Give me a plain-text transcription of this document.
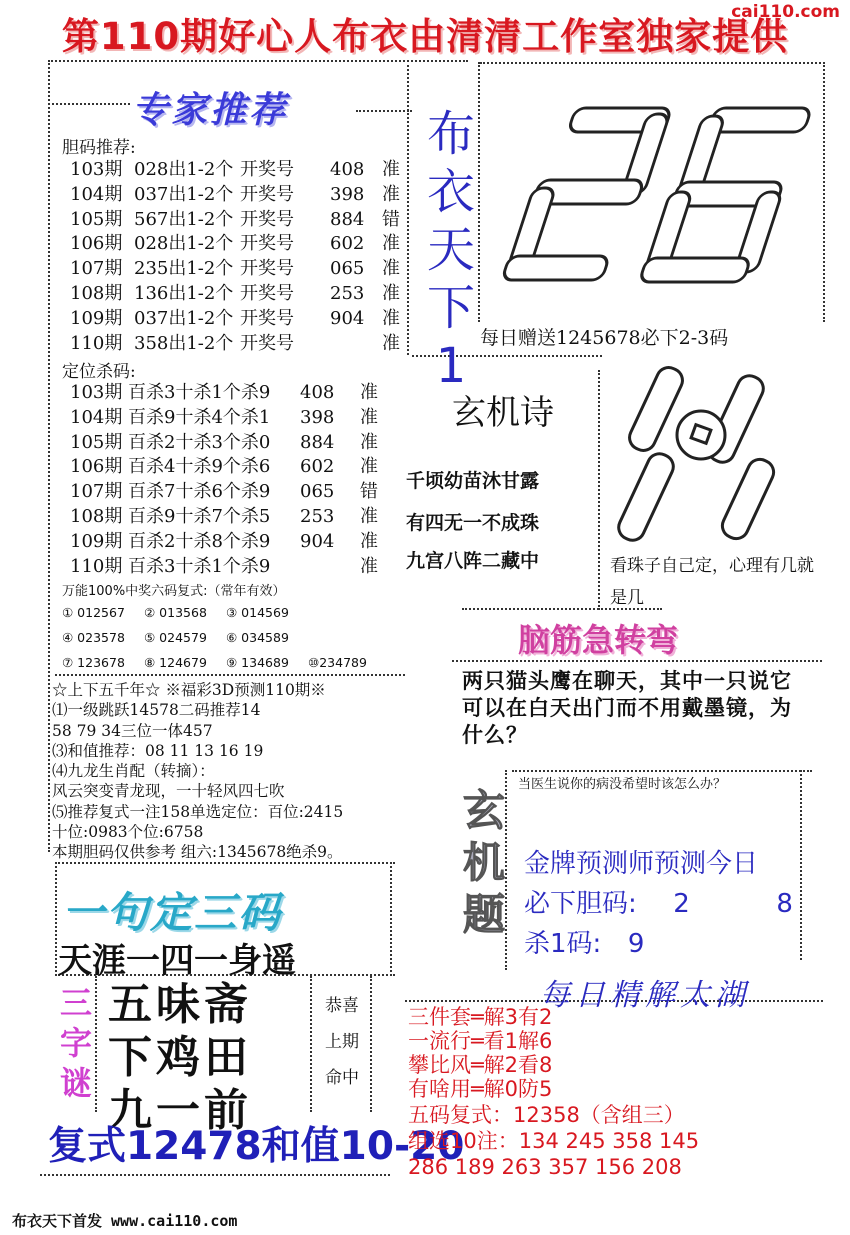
第110期好心人布衣由清清工作室独家提供
cai110.com
专家推荐
胆码推荐:
103期 028出1-2个 开奖号	408 准
104期 037出1-2个 开奖号	398 准
105期 567出1-2个 开奖号	884 错
106期 028出1-2个 开奖号	602 准
107期 235出1-2个 开奖号	065 准
108期 136出1-2个 开奖号	253 准
109期 037出1-2个 开奖号	904 准
110期 358出1-2个 开奖号	准
定位杀码:
103期 百杀3十杀1个杀9	408	准
104期 百杀9十杀4个杀1	398	准
105期 百杀2十杀3个杀0	884	准
106期 百杀4十杀9个杀6	602	准
107期 百杀7十杀6个杀9	065	错
108期 百杀9十杀7个杀5	253	准
109期 百杀2十杀8个杀9	904	准
110期 百杀3十杀1个杀9	准
万能100%中奖六码复式:（常年有效）
① 012567 ② 013568 ③ 014569
④ 023578 ⑤ 024579 ⑥ 034589
⑦ 123678 ⑧ 124679 ⑨ 134689 ⑩234789
☆上下五千年☆ ※福彩3D预测110期※
⑴一级跳跃14578二码推荐14
58 79 34三位一体457
⑶和值推荐：08 11 13 16 19
⑷九龙生肖配（转摘）：
风云突变青龙现，一十轻风四七吹
⑸推荐复式一注158单选定位：百位:2415
十位:0983个位:6758
本期胆码仅供参考 组六:1345678绝杀9。
一句定三码
天涯一四一身遥
三
字
谜
五味斋
下鸡田
九一前
恭喜
上期
命中
复式12478和值10-20
布衣天下首发 www.cai110.com
布
衣
天
下
1 每日赠送1245678必下2-3码
玄机诗
千顷幼苗沐甘露
有四无一不成珠
九宫八阵二藏中	看珠子自己定，心理有几就是几
脑筋急转弯
两只猫头鹰在聊天，其中一只说它可以在白天出门而不用戴墨镜，为什么？
玄
机
题
当医生说你的病没希望时该怎么办？
金牌预测师预测今日
必下胆码: 2	8
杀1码: 9
每日精解太湖
三件套═解3有2
一流行═看1解6
攀比风═解2看8
有啥用═解0防5
五码复式：12358（含组三）
组选10注：134 245 358 145
286 189 263 357 156 208
